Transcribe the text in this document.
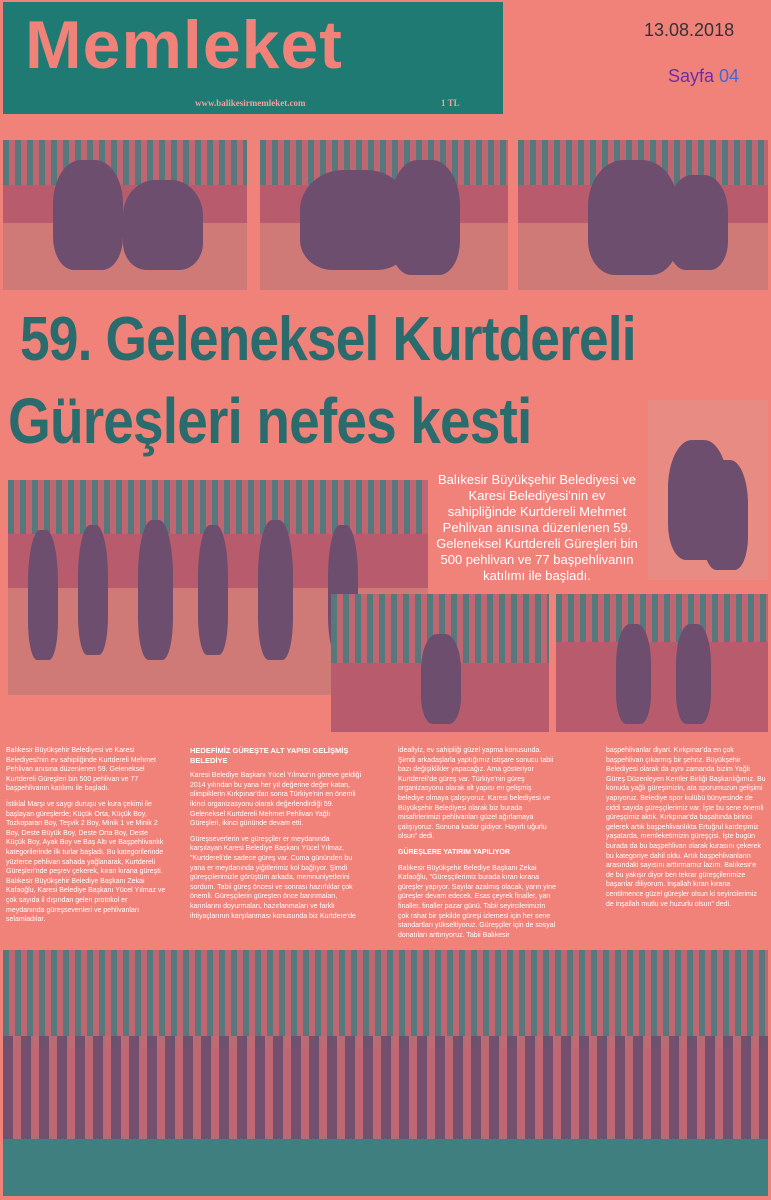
Memleket
www.balikesirmemleket.com	1 TL
13.08.2018
Sayfa 04
59. Geleneksel Kurtdereli
Güreşleri nefes kesti
Balıkesir Büyükşehir Belediyesi ve Karesi Belediyesi'nin ev sahipliğinde Kurtdereli Mehmet Pehlivan anısına düzenlenen 59. Geleneksel Kurtdereli Güreşleri bin 500 pehlivan ve 77 başpehlivanın katılımı ile başladı.

Balıkesir Büyükşehir Belediyesi ve Karesi Belediyesi'nin ev sahipliğinde Kurtdereli Mehmet Pehlivan anısına düzenlenen 59. Geleneksel Kurtdereli Güreşleri bin 500 pehlivan ve 77 başpehlivanın katılımı ile başladı.

İstiklal Marşı ve saygı duruşu ve kura çekimi ile başlayan güreşlerde; Küçük Orta, Küçük Boy, Tozkoparan Boy, Teşvik 2 Boy, Minik 1 ve Minik 2 Boy, Deste Büyük Boy, Deste Orta Boy, Deste Küçük Boy, Ayak Boy ve Baş Altı ve Başpehlivanlık kategorilerinde ilk turlar başladı. Bu kategorilerinde yüzlerce pehlivan sahada yağlanarak, Kurtdereli Güreşleri'nde peşrev çekerek, kıran kırana güreşti. Balıkesir Büyükşehir Belediye Başkanı Zekai Kafaoğlu, Karesi Belediye Başkanı Yücel Yılmaz ve çok sayıda il dışından gelen protokol er meydanında güreşsevenleri ve pehlivanları selamladılar.

HEDEFİMİZ GÜREŞTE ALT YAPISI GELİŞMİŞ BELEDİYE

Karesi Belediye Başkanı Yücel Yılmaz'ın göreve geldiği 2014 yılından bu yana her yıl değerine değer katan, olimpiklerin Kırkpınar'dan sonra Türkiye'nin en önemli ikinci organizasyonu olarak değerlendirdiği 59. Geleneksel Kurtdereli Mehmet Pehlivan Yağlı Güreşleri, ikinci gününde devam etti.

Güreşseverlerin ve güreşçiler er meydanında karşılayan Karesi Belediye Başkanı Yücel Yılmaz, "Kurtdereli'de sadece güreş var. Cuma gününden bu yana er meydanında yiğitlerimiz kol bağlıyor. Şimdi güreşçilerimizle görüştüm arkada, memnuniyetlerini sordum. Tabii güreş öncesi ve sonrası hazırlıklar çok önemli. Güreşçilerin güreşten önce barınmaları, karınlarını doyurmaları, hazırlanmaları ve farklı ihtiyaçlarının karşılanması konusunda biz Kurtdere'de

ideallyiz, ev sahipliği güzel yapma konusunda. Şimdi arkadaşlarla yaptığımız istişare sonucu tabii bazı değişiklikler yapacağız. Ama gösteriyor Kurtdereli'de güreş var. Türkiye'nin güreş organizasyonu olarak alt yapısı en gelişmiş belediye olmaya çalışıyoruz. Karesi belediyesi ve Büyükşehir Belediyesi olarak biz burada misafirlerimizi pehlivanları güzel ağırlamaya çalışıyoruz. Sonuna kadar gidiyor. Hayırlı uğurlu olsun" dedi.

GÜREŞLERE YATIRIM YAPILIYOR

Balıkesir Büyükşehir Belediye Başkanı Zekai Kafaoğlu, "Güreşçilerimiz burada kıran kırana güreşler yapıyor. Sayılar azalmış olacak, yarın yine güreşler devam edecek. Esas çeyrek finaller, yarı finaller, finaller pazar günü. Tabii seyircilerimizin çok rahat bir şekilde güreşi izlemesi için her sene standartları yükseltiyoruz. Güreşçiler için de sosyal donatıları arttırıyoruz. Tabii Balıkesir

başpehlivanlar diyari. Kırkpınar'da en çok başpehlivan çıkarmış bir şehriz. Büyükşehir Belediyesi olarak da aynı zamanda bizim Yağlı Güreş Düzenleyen Kentler Birliği Başkanlığımız. Bu konuda yağlı güreşimizin, ata sporumuzun gelişimi yapıyoruz. Belediye spor kulübü bünyesinde de ciddi sayıda güreşçilerimiz var. İşte bu sene önemli güreşçimiz aktık. Kırkpınar'da başaltında birinci gelerek artık başpehlivanlıkta Ertuğrul kardeşimiz yaşatarda, memleketimizin güreşçisi. İşte bugün burada da bu başpehlivan olarak kurasını çekerek bu kategoriye dahil oldu. Artık başpehlivanların arasındaki sayısını arttırmamız lazım. Balıkesir'e de bu yakışır diyor ben tekrar güreşçilerimize başarılar diliyorum. İnşallah kıran kırana centilmence güzel güreşler olsun ki seyircilerimiz de inşallah mutlu ve huzurlu olsun" dedi.
